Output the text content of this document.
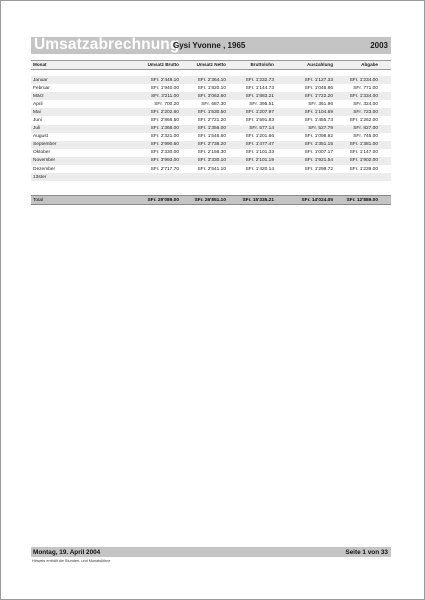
Umsatzabrechnung
Gysi Yvonne , 1965	2003
Monat	Umsatz Brutto	Umsatz Netto	Bruttolohn	Auszahlung	Abgabe
Januar	SFr. 2'448.10	SFr. 2'364.10	SFr. 1'232.73	SFr. 1'127.33	SFr. 1'234.00
Februar	SFr. 1'940.00	SFr. 1'820.10	SFr. 1'144.73	SFr. 1'046.86	SFr. 771.00
März	SFr. 3'211.00	SFr. 3'062.60	SFr. 1'883.21	SFr. 1'722.20	SFr. 1'334.00
April	SFr. 700.20	SFr. 687.30	SFr. 395.51	SFr. 361.96	SFr. 324.00
Mai	SFr. 2'202.60	SFr. 1'530.50	SFr. 1'207.97	SFr. 1'104.69	SFr. 723.00
Juni	SFr. 2'866.50	SFr. 2'721.20	SFr. 1'591.83	SFr. 1'455.73	SFr. 1'262.00
Juli	SFr. 1'368.00	SFr. 1'356.00	SFr. 577.14	SFr. 527.79	SFr. 827.00
August	SFr. 2'321.00	SFr. 1'546.60	SFr. 1'201.66	SFr. 1'098.92	SFr. 745.00
September	SFr. 2'990.60	SFr. 2'738.20	SFr. 1'477.47	SFr. 1'351.15	SFr. 1'381.00
Oktober	SFr. 2'330.00	SFr. 2'156.30	SFr. 1'101.33	SFr. 1'007.17	SFr. 1'147.00
November	SFr. 3'993.00	SFr. 3'330.10	SFr. 2'101.19	SFr. 1'921.54	SFr. 1'902.00
Dezember	SFr. 2'717.70	SFr. 2'541.10	SFr. 1'420.14	SFr. 1'298.72	SFr. 1'239.00
13ster
Total	SFr. 29'089.00	SFr. 26'851.10	SFr. 15'335.21	SFr. 14'024.05	SFr. 12'889.00
Montag, 19. April 2004	Seite 1 von 33
Hinweis enthält die Stunden- und Monatslöhne
